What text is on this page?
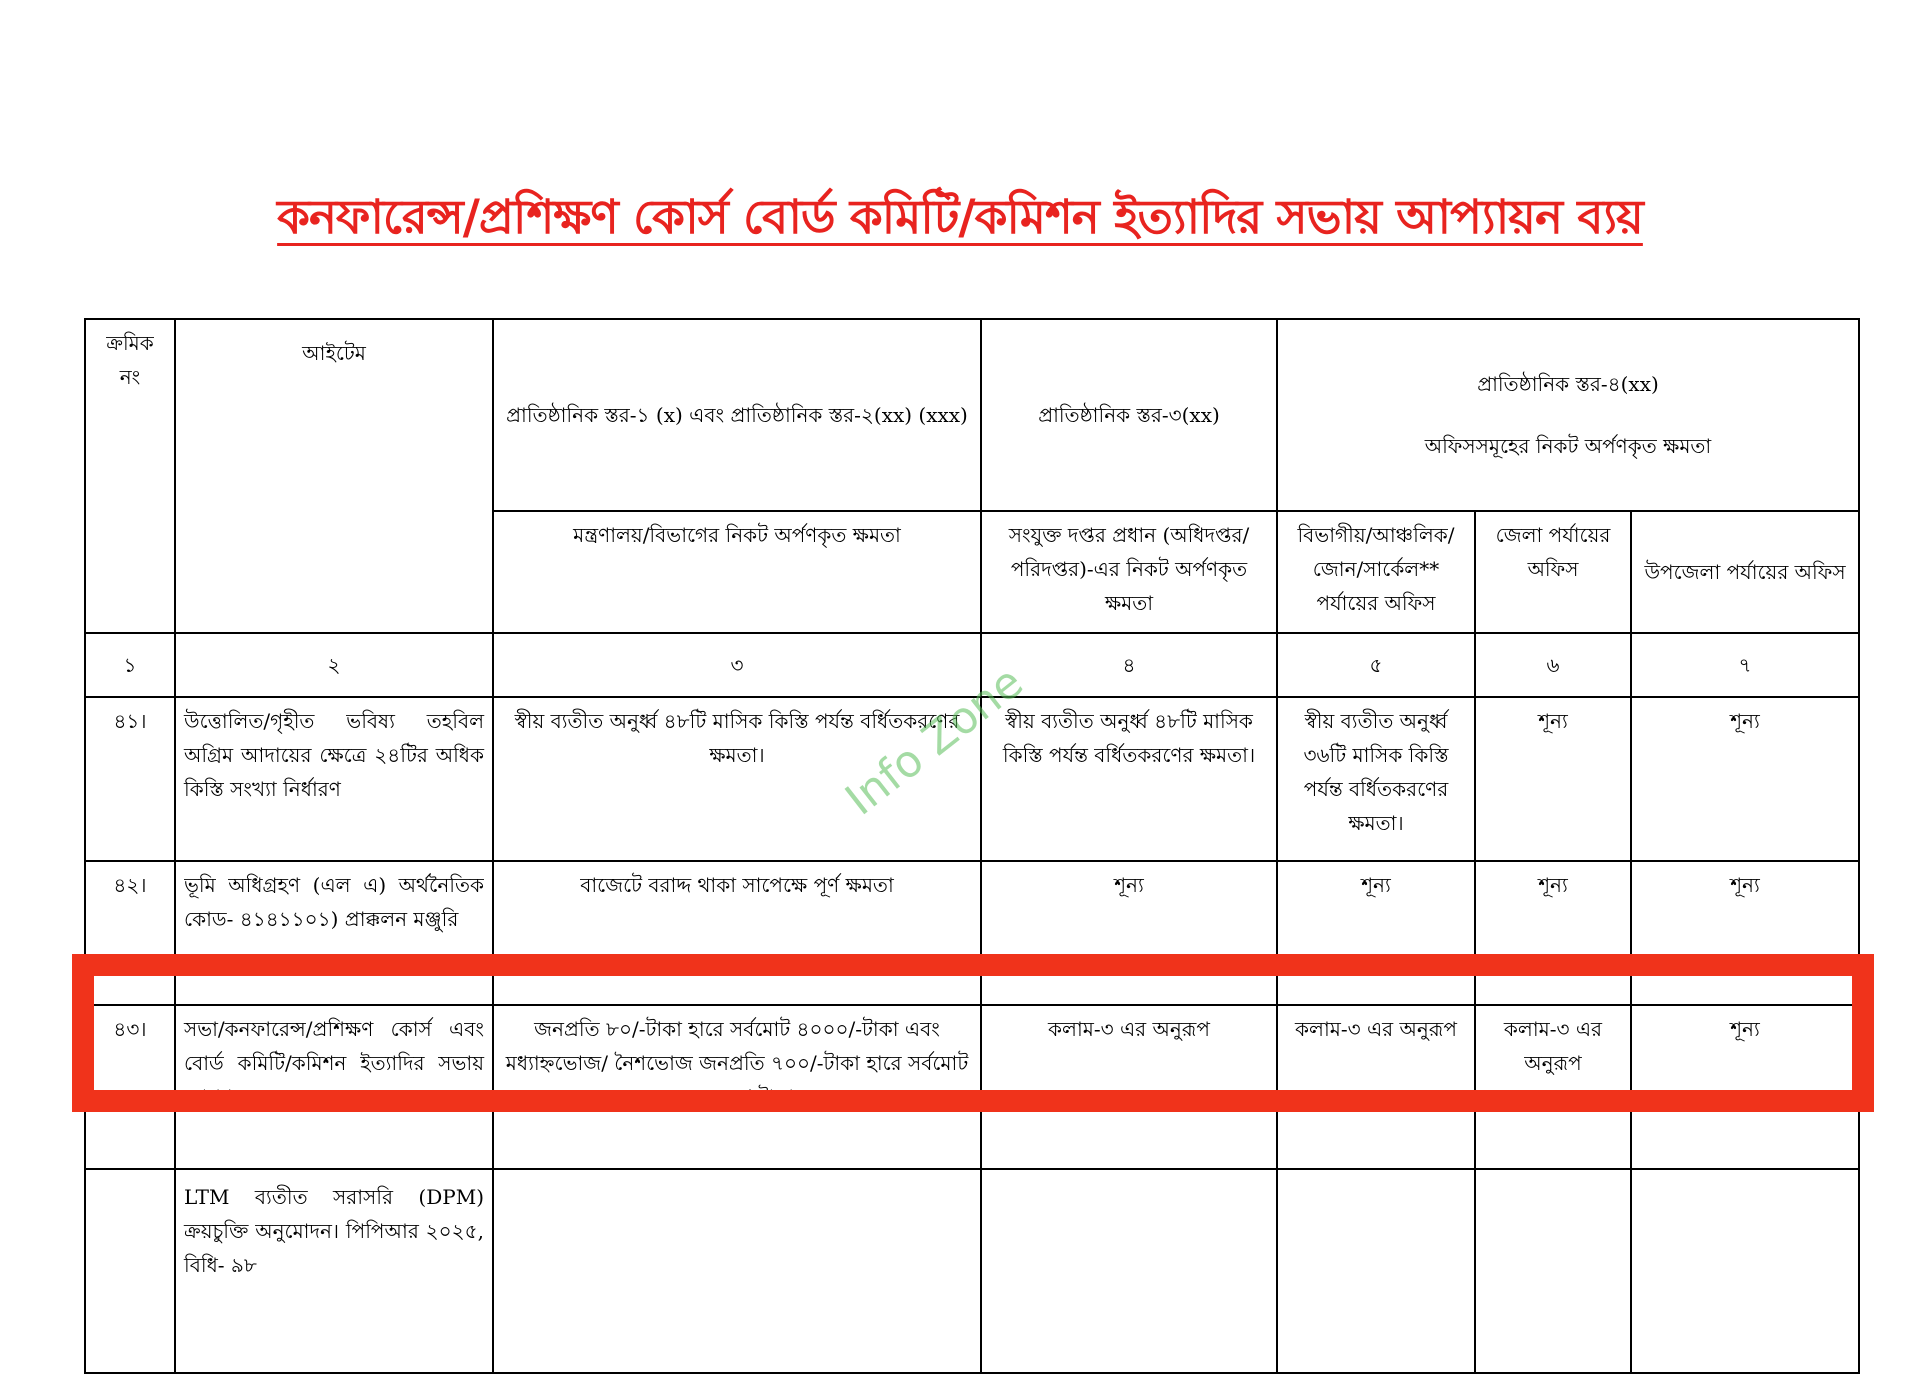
কনফারেন্স/প্রশিক্ষণ কোর্স বোর্ড কমিটি/কমিশন ইত্যাদির সভায় আপ্যায়ন ব্যয়
ক্রমিক নং	আইটেম	প্রাতিষ্ঠানিক স্তর-১ (x) এবং প্রাতিষ্ঠানিক স্তর-২(xx) (xxx)	প্রাতিষ্ঠানিক স্তর-৩(xx)	প্রাতিষ্ঠানিক স্তর-৪(xx)
অফিসসমূহের নিকট অর্পণকৃত ক্ষমতা		

		মন্ত্রণালয়/বিভাগের নিকট অর্পণকৃত ক্ষমতা	সংযুক্ত দপ্তর প্রধান (অধিদপ্তর/পরিদপ্তর)-এর নিকট অর্পণকৃত ক্ষমতা	বিভাগীয়/আঞ্চলিক/ জোন/সার্কেল** পর্যায়ের অফিস	জেলা পর্যায়ের অফিস	উপজেলা পর্যায়ের অফিস
১	২	৩	৪	৫	৬	৭
৪১।	উত্তোলিত/গৃহীত ভবিষ্য তহবিল অগ্রিম আদায়ের ক্ষেত্রে ২৪টির অধিক কিস্তি সংখ্যা নির্ধারণ	স্বীয় ব্যতীত অনুর্ধ্ব ৪৮টি মাসিক কিস্তি পর্যন্ত বর্ধিতকরণের ক্ষমতা।	স্বীয় ব্যতীত অনুর্ধ্ব ৪৮টি মাসিক কিস্তি পর্যন্ত বর্ধিতকরণের ক্ষমতা।	স্বীয় ব্যতীত অনুর্ধ্ব ৩৬টি মাসিক কিস্তি পর্যন্ত বর্ধিতকরণের ক্ষমতা।	শূন্য	শূন্য
৪২।	ভূমি অধিগ্রহণ (এল এ) অর্থনৈতিক কোড- ৪১৪১১০১) প্রাক্কলন মঞ্জুরি	বাজেটে বরাদ্দ থাকা সাপেক্ষে পূর্ণ ক্ষমতা	শূন্য	শূন্য	শূন্য	শূন্য
৪৩।	সভা/কনফারেন্স/প্রশিক্ষণ কোর্স এবং বোর্ড কমিটি/কমিশন ইত্যাদির সভায় আপ্যায়ন ব্যয়।	জনপ্রতি ৮০/-টাকা হারে সর্বমোট ৪০০০/-টাকা এবং মধ্যাহ্নভোজ/ নৈশভোজ জনপ্রতি ৭০০/-টাকা হারে সর্বমোট ৭০,০০০/-টাকা।	কলাম-৩ এর অনুরূপ	কলাম-৩ এর অনুরূপ	কলাম-৩ এর অনুরূপ	শূন্য

	LTM ব্যতীত সরাসরি (DPM) ক্রয়চুক্তি অনুমোদন। পিপিআর ২০২৫, বিধি- ৯৮					

Info Zone
